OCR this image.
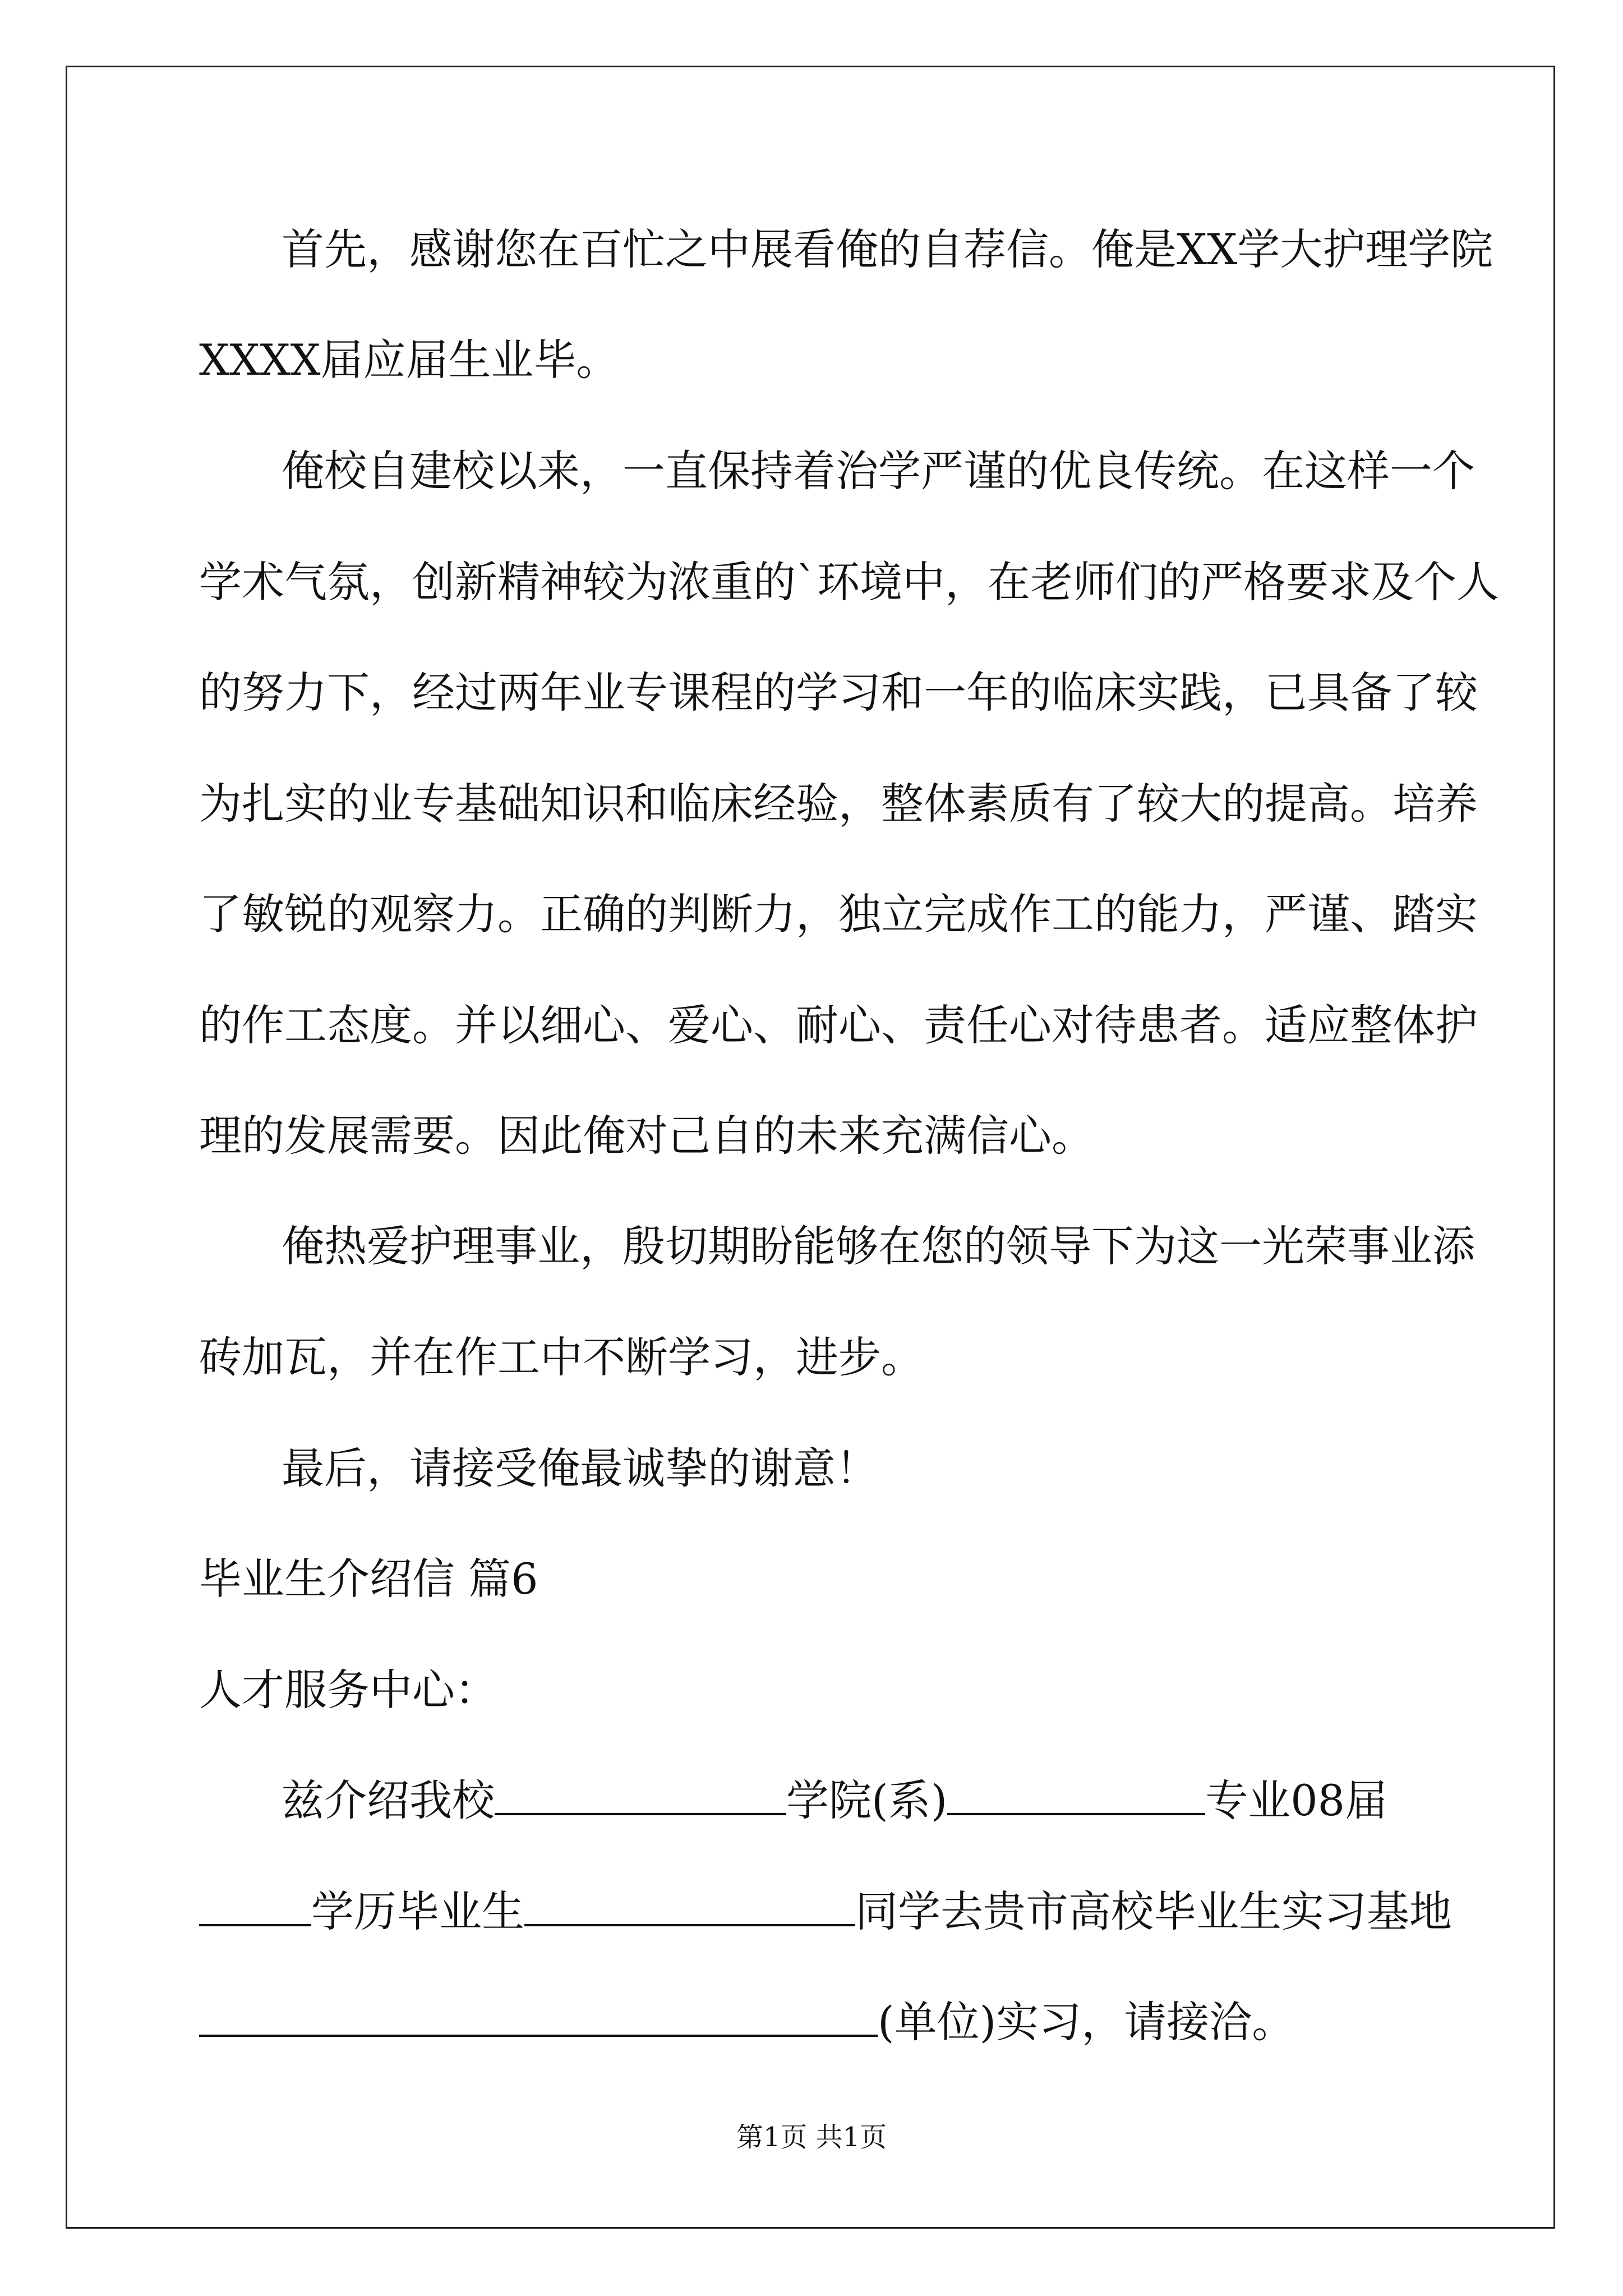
首先，感谢您在百忙之中展看俺的自荐信。俺是XX学大护理学院
XXXX届应届生业毕。
俺校自建校以来，一直保持着治学严谨的优良传统。在这样一个
学术气氛，创新精神较为浓重的`环境中，在老师们的严格要求及个人
的努力下，经过两年业专课程的学习和一年的临床实践，已具备了较
为扎实的业专基础知识和临床经验，整体素质有了较大的提高。培养
了敏锐的观察力。正确的判断力，独立完成作工的能力，严谨、踏实
的作工态度。并以细心、爱心、耐心、责任心对待患者。适应整体护
理的发展需要。因此俺对己自的未来充满信心。
俺热爱护理事业，殷切期盼能够在您的领导下为这一光荣事业添
砖加瓦，并在作工中不断学习，进步。
最后，请接受俺最诚挚的谢意！
毕业生介绍信 篇6
人才服务中心：
兹介绍我校	学院(系)	专业08届
学历毕业生	同学去贵市高校毕业生实习基地
(单位)实习，请接洽。
第1页 共1页
